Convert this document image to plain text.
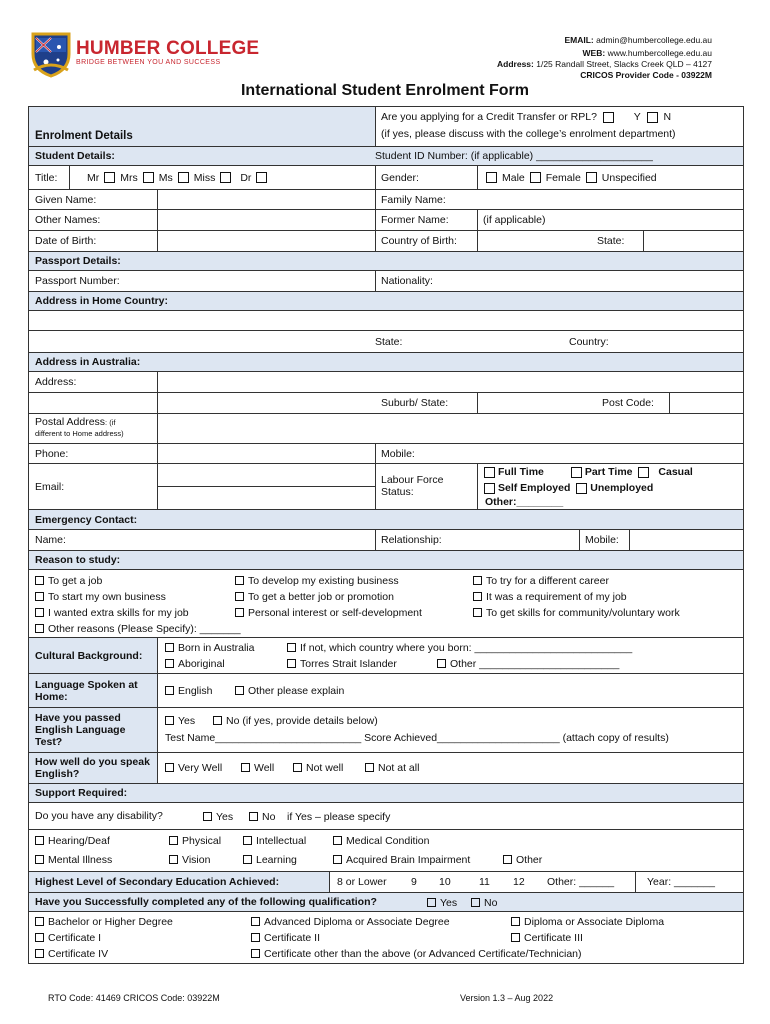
HUMBER COLLEGE
BRIDGE BETWEEN YOU AND SUCCESS
EMAIL: admin@humbercollege.edu.au
WEB: www.humbercollege.edu.au
Address: 1/25 Randall Street, Slacks Creek QLD – 4127
CRICOS Provider Code - 03922M
International Student Enrolment Form
Enrolment Details
Are you applying for a Credit Transfer or RPL?	Y N
(if yes, please discuss with the college’s enrolment department)
Student Details:	Student ID Number: (if applicable) ____________________
Title:	Mr Mrs Ms Miss Dr	Gender:	Male Female Unspecified
Given Name:	Family Name:
Other Names:	Former Name:	(if applicable)
Date of Birth:	Country of Birth:	State:
Passport Details:
Passport Number:	Nationality:
Address in Home Country:
State:	Country:
Address in Australia:
Address:
Suburb/ State:	Post Code:
Postal Address: (if
different to Home address)
Phone:	Mobile:
Email:
Labour Force
Status:
Full Time	Part Time Casual
Self Employed Unemployed
Other:________
Emergency Contact:
Name:	Relationship:	Mobile:
Reason to study:
To get a job	To develop my existing business	To try for a different career
To start my own business	To get a better job or promotion	It was a requirement of my job
I wanted extra skills for my job	Personal interest or self-development	To get skills for community/voluntary work
Other reasons (Please Specify): _______
Cultural Background:
Born in Australia	If not, which country where you born: ___________________________
Aboriginal	Torres Strait Islander	Other ________________________
Language Spoken at Home:	English	Other please explain
Have you passed English Language Test?
Yes	No (if yes, provide details below)
Test Name_________________________ Score Achieved_____________________ (attach copy of results)
How well do you speak English?	Very Well	Well	Not well	Not at all
Support Required:
Do you have any disability?	Yes	No if Yes – please specify
Hearing/Deaf	Physical	Intellectual	Medical Condition
Mental Illness	Vision	Learning	Acquired Brain Impairment	Other
Highest Level of Secondary Education Achieved:	8 or Lower	9	10	11	12	Other: ______	Year: _______
Have you Successfully completed any of the following qualification?	Yes	No
Bachelor or Higher Degree	Advanced Diploma or Associate Degree	Diploma or Associate Diploma
Certificate I	Certificate II	Certificate III
Certificate IV	Certificate other than the above (or Advanced Certificate/Technician)
RTO Code: 41469 CRICOS Code: 03922M	Version 1.3 – Aug 2022
